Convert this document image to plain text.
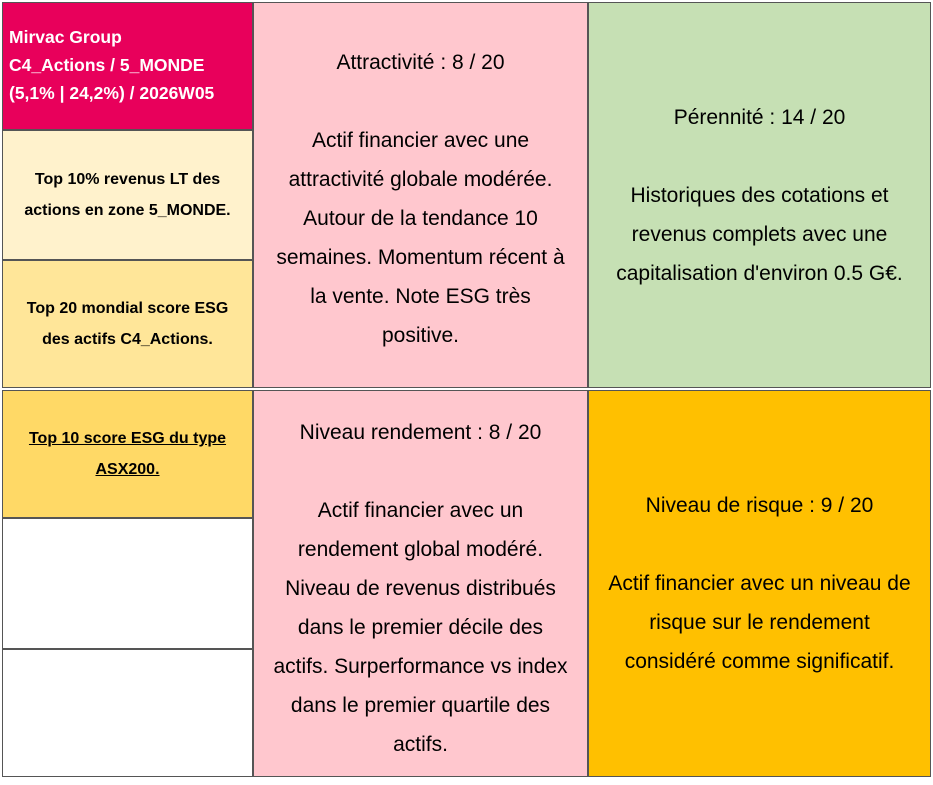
Mirvac Group
C4_Actions / 5_MONDE
(5,1% | 24,2%) / 2026W05
Top 10% revenus LT des
actions en zone 5_MONDE.
Top 20 mondial score ESG
des actifs C4_Actions.
Top 10 score ESG du type
ASX200.
Attractivité : 8 / 20
Actif financier avec une
attractivité globale modérée.
Autour de la tendance 10
semaines. Momentum récent à
la vente. Note ESG très
positive.
Pérennité : 14 / 20
Historiques des cotations et
revenus complets avec une
capitalisation d'environ 0.5 G€.
Niveau rendement : 8 / 20
Actif financier avec un
rendement global modéré.
Niveau de revenus distribués
dans le premier décile des
actifs. Surperformance vs index
dans le premier quartile des
actifs.
Niveau de risque : 9 / 20
Actif financier avec un niveau de
risque sur le rendement
considéré comme significatif.
